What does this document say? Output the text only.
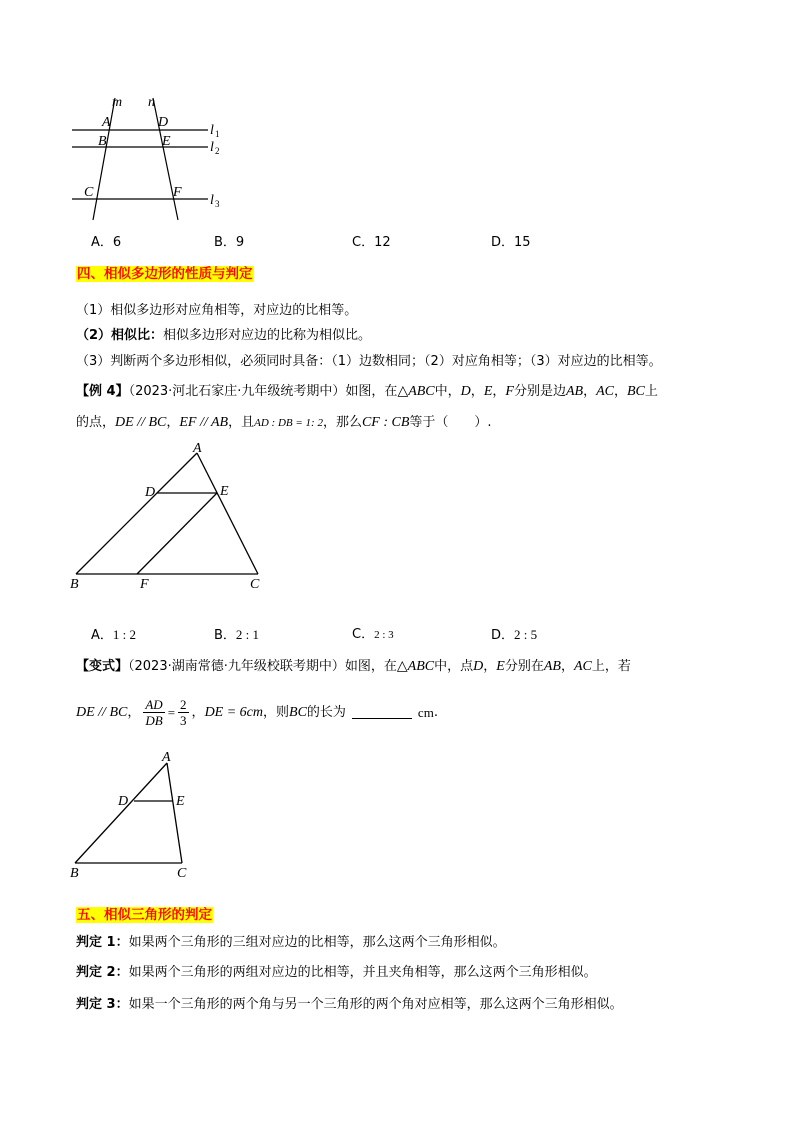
m n
A	D
B	E
C	F
l 1
l 2
l 3
A．6	B．9	C．12	D．15
四、相似多边形的性质与判定
（1）相似多边形对应角相等，对应边的比相等。
（2）相似比：相似多边形对应边的比称为相似比。
（3）判断两个多边形相似，必须同时具备：（1）边数相同；（2）对应角相等；（3）对应边的比相等。
【例 4】（2023·河北石家庄·九年级统考期中）如图，在△ABC中，D，E，F分别是边AB，AC，BC上
的点，DE // BC，EF // AB，且AD : DB = 1: 2，那么CF : CB等于（　　）.
A
D	E
B	F	C
A．1 : 2	B．2 : 1	C．2 : 3	D．2 : 5
【变式】（2023·湖南常德·九年级校联考期中）如图，在△ABC中，点D，E分别在AB，AC上，若
DE // BC ， $\frac{AD}{DB} = \frac{2}{3}$ ， DE = 6cm ，则 BC 的长为	cm .
A
D	E
B	C
五、相似三角形的判定
判定 1：如果两个三角形的三组对应边的比相等，那么这两个三角形相似。
判定 2：如果两个三角形的两组对应边的比相等，并且夹角相等，那么这两个三角形相似。
判定 3：如果一个三角形的两个角与另一个三角形的两个角对应相等，那么这两个三角形相似。
